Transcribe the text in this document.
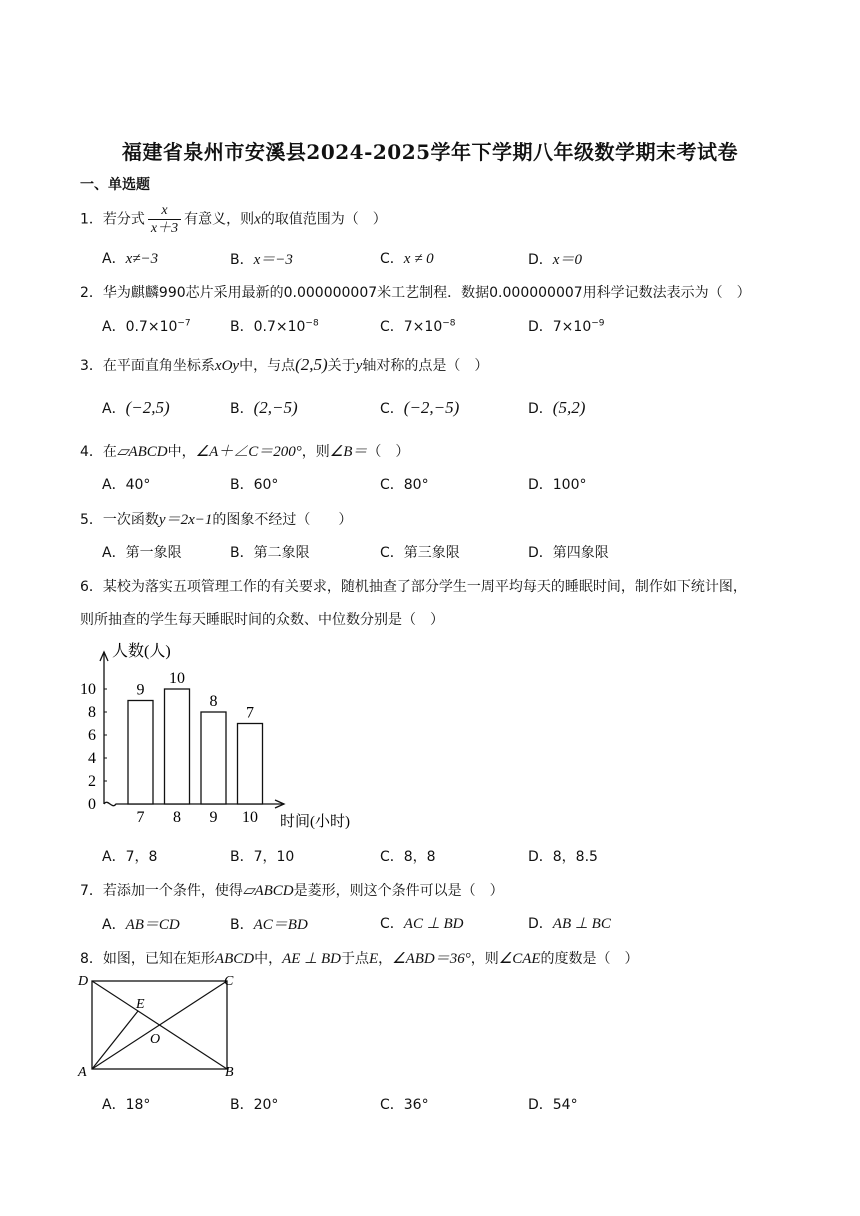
福建省泉州市安溪县2024-2025学年下学期八年级数学期末考试卷
一、单选题
1．若分式 $\frac{x}{x+3}$ 有意义，则x的取值范围为（　）
A．x≠−3	B．x＝−3	C．x ≠ 0	D．x＝0
2．华为麒麟990芯片采用最新的0.000000007米工艺制程．数据0.000000007用科学记数法表示为（　）
A．$0.7\times 10^{-7}$	B．$0.7\times 10^{-8}$	C．$7\times 10^{-8}$	D．$7\times 10^{-9}$
3．在平面直角坐标系xOy中，与点(2,5)关于y轴对称的点是（　）
A．(−2,5)	B．(2,−5)	C．(−2,−5)	D．(5,2)
4．在▱ABCD中，∠A＋∠C＝200°，则∠B＝（　）
A．40°	B．60°	C．80°	D．100°
5．一次函数y＝2x−1的图象不经过（　　）
A．第一象限	B．第二象限	C．第三象限	D．第四象限
6．某校为落实五项管理工作的有关要求，随机抽查了部分学生一周平均每天的睡眠时间，制作如下统计图，
则所抽查的学生每天睡眠时间的众数、中位数分别是（　）
0
2
4
6
8
10	9
7
10
8
8
9
7
10
人数(人)
时间(小时)
A．7，8	B．7，10	C．8，8	D．8，8.5
7．若添加一个条件，使得▱ABCD是菱形，则这个条件可以是（　）
A．AB＝CD	B．AC＝BD	C．AC ⊥ BD	D．AB ⊥ BC
8．如图，已知在矩形ABCD中，AE ⊥ BD于点E，∠ABD＝36°，则∠CAE的度数是（　）
D	C
E
O
A	B
A．18°	B．20°	C．36°	D．54°
